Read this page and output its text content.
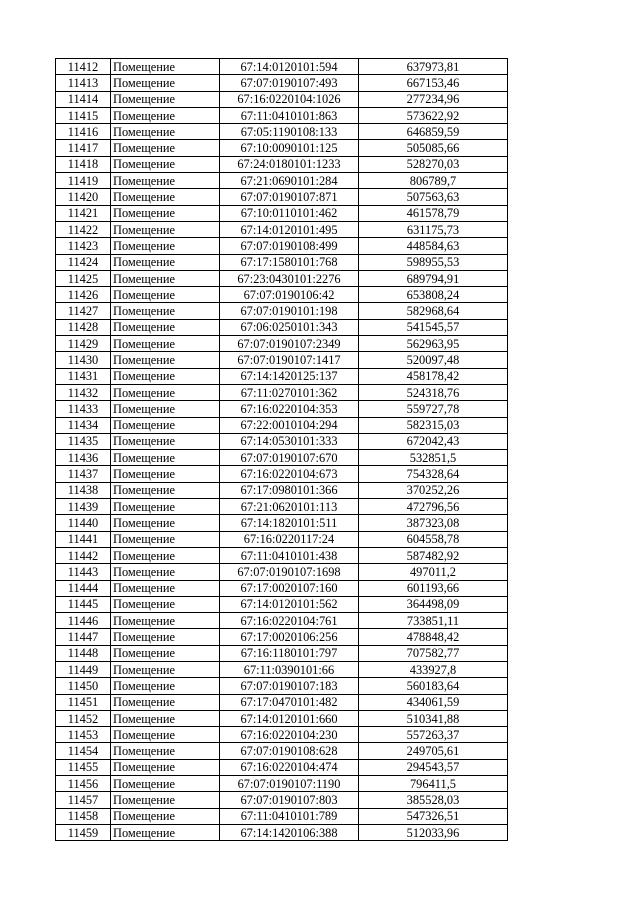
11412	Помещение	67:14:0120101:594	637973,81
11413	Помещение	67:07:0190107:493	667153,46
11414	Помещение	67:16:0220104:1026	277234,96
11415	Помещение	67:11:0410101:863	573622,92
11416	Помещение	67:05:1190108:133	646859,59
11417	Помещение	67:10:0090101:125	505085,66
11418	Помещение	67:24:0180101:1233	528270,03
11419	Помещение	67:21:0690101:284	806789,7
11420	Помещение	67:07:0190107:871	507563,63
11421	Помещение	67:10:0110101:462	461578,79
11422	Помещение	67:14:0120101:495	631175,73
11423	Помещение	67:07:0190108:499	448584,63
11424	Помещение	67:17:1580101:768	598955,53
11425	Помещение	67:23:0430101:2276	689794,91
11426	Помещение	67:07:0190106:42	653808,24
11427	Помещение	67:07:0190101:198	582968,64
11428	Помещение	67:06:0250101:343	541545,57
11429	Помещение	67:07:0190107:2349	562963,95
11430	Помещение	67:07:0190107:1417	520097,48
11431	Помещение	67:14:1420125:137	458178,42
11432	Помещение	67:11:0270101:362	524318,76
11433	Помещение	67:16:0220104:353	559727,78
11434	Помещение	67:22:0010104:294	582315,03
11435	Помещение	67:14:0530101:333	672042,43
11436	Помещение	67:07:0190107:670	532851,5
11437	Помещение	67:16:0220104:673	754328,64
11438	Помещение	67:17:0980101:366	370252,26
11439	Помещение	67:21:0620101:113	472796,56
11440	Помещение	67:14:1820101:511	387323,08
11441	Помещение	67:16:0220117:24	604558,78
11442	Помещение	67:11:0410101:438	587482,92
11443	Помещение	67:07:0190107:1698	497011,2
11444	Помещение	67:17:0020107:160	601193,66
11445	Помещение	67:14:0120101:562	364498,09
11446	Помещение	67:16:0220104:761	733851,11
11447	Помещение	67:17:0020106:256	478848,42
11448	Помещение	67:16:1180101:797	707582,77
11449	Помещение	67:11:0390101:66	433927,8
11450	Помещение	67:07:0190107:183	560183,64
11451	Помещение	67:17:0470101:482	434061,59
11452	Помещение	67:14:0120101:660	510341,88
11453	Помещение	67:16:0220104:230	557263,37
11454	Помещение	67:07:0190108:628	249705,61
11455	Помещение	67:16:0220104:474	294543,57
11456	Помещение	67:07:0190107:1190	796411,5
11457	Помещение	67:07:0190107:803	385528,03
11458	Помещение	67:11:0410101:789	547326,51
11459	Помещение	67:14:1420106:388	512033,96
